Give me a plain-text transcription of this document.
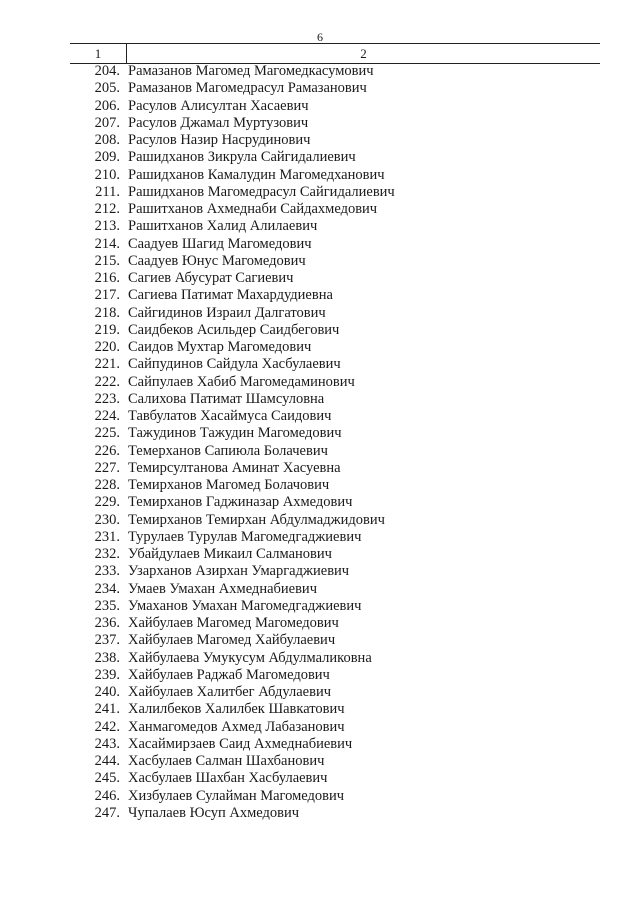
6
1	2
204. Рамазанов Магомед Магомедкасумович
205. Рамазанов Магомедрасул Рамазанович
206. Расулов Алисултан Хасаевич
207. Расулов Джамал Муртузович
208. Расулов Назир Насрудинович
209. Рашидханов Зикрула Сайгидалиевич
210. Рашидханов Камалудин Магомедханович
211. Рашидханов Магомедрасул Сайгидалиевич
212. Рашитханов Ахмеднаби Сайдахмедович
213. Рашитханов Халид Алилаевич
214. Саадуев Шагид Магомедович
215. Саадуев Юнус Магомедович
216. Сагиев Абусурат Сагиевич
217. Сагиева Патимат Махардудиевна
218. Сайгидинов Израил Далгатович
219. Саидбеков Асильдер Саидбегович
220. Саидов Мухтар Магомедович
221. Сайпудинов Сайдула Хасбулаевич
222. Сайпулаев Хабиб Магомедаминович
223. Салихова Патимат Шамсуловна
224. Тавбулатов Хасаймуса Саидович
225. Тажудинов Тажудин Магомедович
226. Темерханов Сапиюла Болачевич
227. Темирсултанова Аминат Хасуевна
228. Темирханов Магомед Болачович
229. Темирханов Гаджиназар Ахмедович
230. Темирханов Темирхан Абдулмаджидович
231. Турулаев Турулав Магомедгаджиевич
232. Убайдулаев Микаил Салманович
233. Узарханов Азирхан Умаргаджиевич
234. Умаев Умахан Ахмеднабиевич
235. Умаханов Умахан Магомедгаджиевич
236. Хайбулаев Магомед Магомедович
237. Хайбулаев Магомед Хайбулаевич
238. Хайбулаева Умукусум Абдулмаликовна
239. Хайбулаев Раджаб Магомедович
240. Хайбулаев Халитбег Абдулаевич
241. Халилбеков Халилбек Шавкатович
242. Ханмагомедов Ахмед Лабазанович
243. Хасаймирзаев Саид Ахмеднабиевич
244. Хасбулаев Салман Шахбанович
245. Хасбулаев Шахбан Хасбулаевич
246. Хизбулаев Сулайман Магомедович
247. Чупалаев Юсуп Ахмедович
